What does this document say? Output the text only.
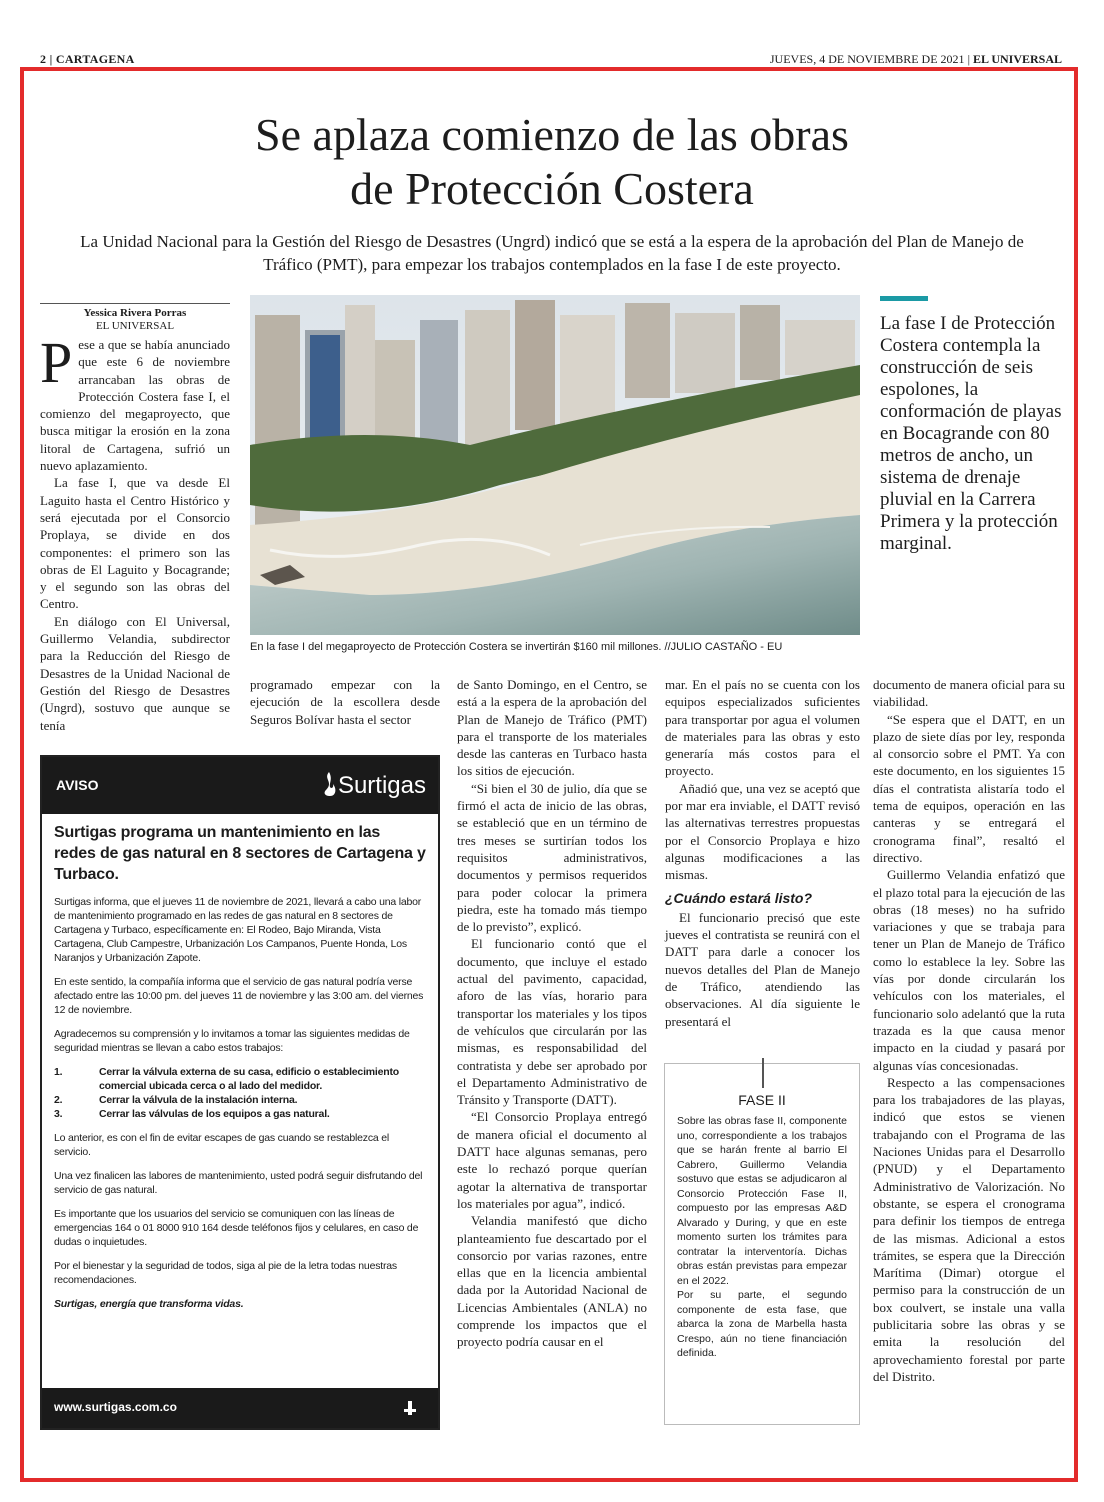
2 | CARTAGENA	JUEVES, 4 DE NOVIEMBRE DE 2021 | EL UNIVERSAL
Se aplaza comienzo de las obras
de Protección Costera
La Unidad Nacional para la Gestión del Riesgo de Desastres (Ungrd) indicó que se está a la espera de la aprobación del Plan de Manejo de Tráfico (PMT), para empezar los trabajos contemplados en la fase I de este proyecto.
Yessica Rivera Porras
EL UNIVERSAL
P ese a que se había anunciado que este 6 de noviembre arrancaban las obras de Protección Costera fase I, el comienzo del megaproyecto, que busca mitigar la erosión en la zona litoral de Cartagena, sufrió un nuevo aplazamiento.

La fase I, que va desde El Laguito hasta el Centro Histórico y será ejecutada por el Consorcio Proplaya, se divide en dos componentes: el primero son las obras de El Laguito y Bocagrande; y el segundo son las obras del Centro.

En diálogo con El Universal, Guillermo Velandia, subdirector para la Reducción del Riesgo de Desastres de la Unidad Nacional de Gestión del Riesgo de Desastres (Ungrd), sostuvo que aunque se tenía

En la fase I del megaproyecto de Protección Costera se invertirán $160 mil millones. //JULIO CASTAÑO - EU
La fase I de Protección Costera contempla la construcción de seis espolones, la conformación de playas en Bocagrande con 80 metros de ancho, un sistema de drenaje pluvial en la Carrera Primera y la protección marginal.

programado empezar con la ejecución de la escollera desde Seguros Bolívar hasta el sector

de Santo Domingo, en el Centro, se está a la espera de la aprobación del Plan de Manejo de Tráfico (PMT) para el transporte de los materiales desde las canteras en Turbaco hasta los sitios de ejecución.

“Si bien el 30 de julio, día que se firmó el acta de inicio de las obras, se estableció que en un término de tres meses se surtirían todos los requisitos administrativos, documentos y permisos requeridos para poder colocar la primera piedra, este ha tomado más tiempo de lo previsto”, explicó.

El funcionario contó que el documento, que incluye el estado actual del pavimento, capacidad, aforo de las vías, horario para transportar los materiales y los tipos de vehículos que circularán por las mismas, es responsabilidad del contratista y debe ser aprobado por el Departamento Administrativo de Tránsito y Transporte (DATT).

“El Consorcio Proplaya entregó de manera oficial el documento al DATT hace algunas semanas, pero este lo rechazó porque querían agotar la alternativa de transportar los materiales por agua”, indicó.

Velandia manifestó que dicho planteamiento fue descartado por el consorcio por varias razones, entre ellas que en la licencia ambiental dada por la Autoridad Nacional de Licencias Ambientales (ANLA) no comprende los impactos que el proyecto podría causar en el

mar. En el país no se cuenta con los equipos especializados suficientes para transportar por agua el volumen de materiales para las obras y esto generaría más costos para el proyecto.

Añadió que, una vez se aceptó que por mar era inviable, el DATT revisó las alternativas terrestres propuestas por el Consorcio Proplaya e hizo algunas modificaciones a las mismas.

¿Cuándo estará listo?

El funcionario precisó que este jueves el contratista se reunirá con el DATT para darle a conocer los nuevos detalles del Plan de Manejo de Tráfico, atendiendo las observaciones. Al día siguiente le presentará el

FASE II

Sobre las obras fase II, componente uno, correspondiente a los trabajos que se harán frente al barrio El Cabrero, Guillermo Velandia sostuvo que estas se adjudicaron al Consorcio Protección Fase II, compuesto por las empresas A&D Alvarado y During, y que en este momento surten los trámites para contratar la interventoría. Dichas obras están previstas para empezar en el 2022.

Por su parte, el segundo componente de esta fase, que abarca la zona de Marbella hasta Crespo, aún no tiene financiación definida.

documento de manera oficial para su viabilidad.

“Se espera que el DATT, en un plazo de siete días por ley, responda al consorcio sobre el PMT. Ya con este documento, en los siguientes 15 días el contratista alistaría todo el tema de equipos, operación en las canteras y se entregará el cronograma final”, resaltó el directivo.

Guillermo Velandia enfatizó que el plazo total para la ejecución de las obras (18 meses) no ha sufrido variaciones y que se trabaja para tener un Plan de Manejo de Tráfico como lo establece la ley. Sobre las vías por donde circularán los vehículos con los materiales, el funcionario solo adelantó que la ruta trazada es la que causa menor impacto en la ciudad y pasará por algunas vías concesionadas.

Respecto a las compensaciones para los trabajadores de las playas, indicó que estos se vienen trabajando con el Programa de las Naciones Unidas para el Desarrollo (PNUD) y el Departamento Administrativo de Valorización. No obstante, se espera el cronograma para definir los tiempos de entrega de las mismas. Adicional a estos trámites, se espera que la Dirección Marítima (Dimar) otorgue el permiso para la construcción de un box coulvert, se instale una valla publicitaria sobre las obras y se emita la resolución del aprovechamiento forestal por parte del Distrito.

AVISO	Surtigas
Surtigas programa un mantenimiento en las redes de gas natural en 8 sectores de Cartagena y Turbaco.

Surtigas informa, que el jueves 11 de noviembre de 2021, llevará a cabo una labor de mantenimiento programado en las redes de gas natural en 8 sectores de Cartagena y Turbaco, específicamente en: El Rodeo, Bajo Miranda, Vista Cartagena, Club Campestre, Urbanización Los Campanos, Puente Honda, Los Naranjos y Urbanización Zapote.

En este sentido, la compañía informa que el servicio de gas natural podría verse afectado entre las 10:00 pm. del jueves 11 de noviembre y las 3:00 am. del viernes 12 de noviembre.

Agradecemos su comprensión y lo invitamos a tomar las siguientes medidas de seguridad mientras se llevan a cabo estos trabajos:

1.	Cerrar la válvula externa de su casa, edificio o establecimiento comercial ubicada cerca o al lado del medidor.
2.	Cerrar la válvula de la instalación interna.
3.	Cerrar las válvulas de los equipos a gas natural.

Lo anterior, es con el fin de evitar escapes de gas cuando se restablezca el servicio.

Una vez finalicen las labores de mantenimiento, usted podrá seguir disfrutando del servicio de gas natural.

Es importante que los usuarios del servicio se comuniquen con las líneas de emergencias 164 o 01 8000 910 164 desde teléfonos fijos y celulares, en caso de dudas o inquietudes.

Por el bienestar y la seguridad de todos, siga al pie de la letra todas nuestras recomendaciones.

Surtigas, energía que transforma vidas.

www.surtigas.com.co
